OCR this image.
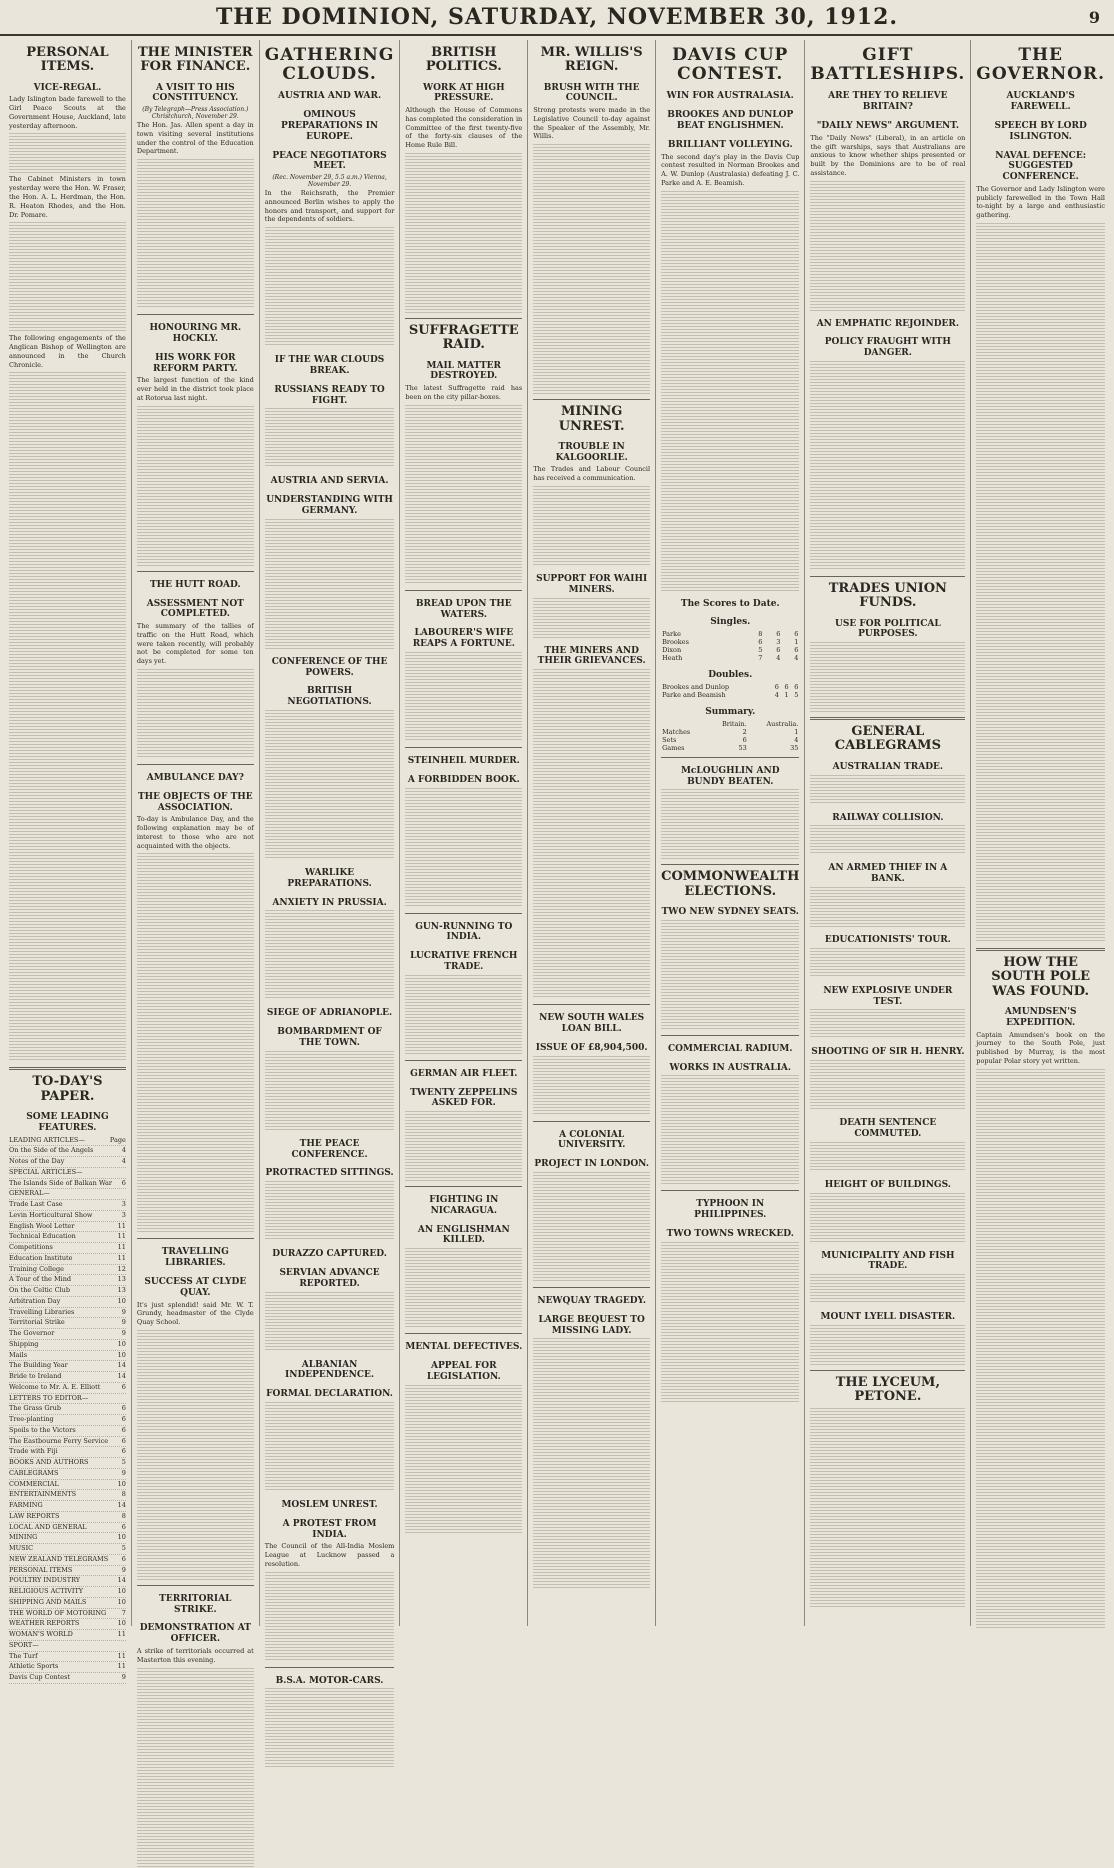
THE DOMINION, SATURDAY, NOVEMBER 30, 1912.	9
PERSONAL ITEMS.
VICE-REGAL.

Lady Islington bade farewell to the Girl Peace Scouts at the Government House, Auckland, late yesterday afternoon.

The Cabinet Ministers in town yesterday were the Hon. W. Fraser, the Hon. A. L. Herdman, the Hon. R. Heaton Rhodes, and the Hon. Dr. Pomare.

The following engagements of the Anglican Bishop of Wellington are announced in the Church Chronicle.

TO-DAY'S PAPER.
SOME LEADING FEATURES.
LEADING ARTICLES—	Page
On the Side of the Angels	4
Notes of the Day	4
SPECIAL ARTICLES—
The Islands Side of Balkan War 6
GENERAL—
Trade Last Case	3
Levin Horticultural Show	3
English Wool Letter	11
Technical Education	11
Competitions	11
Education Institute	11
Training College	12
A Tour of the Mind	13
On the Celtic Club	13
Arbitration Day	10
Travelling Libraries	9
Territorial Strike	9
The Governor	9
Shipping	10
Mails	10
The Building Year	14
Bride to Ireland	14
Welcome to Mr. A. E. Elliott	6
LETTERS TO EDITOR—
The Grass Grub	6
Tree-planting	6
Spoils to the Victors	6
The Eastbourne Ferry Service 6
Trade with Fiji	6
BOOKS AND AUTHORS	5
CABLEGRAMS	9
COMMERCIAL	10
ENTERTAINMENTS	8
FARMING	14
LAW REPORTS	8
LOCAL AND GENERAL	6
MINING	10
MUSIC	5
NEW ZEALAND TELEGRAMS 6
PERSONAL ITEMS	9
POULTRY INDUSTRY	14
RELIGIOUS ACTIVITY	10
SHIPPING AND MAILS	10
THE WORLD OF MOTORING 7
WEATHER REPORTS	10
WOMAN'S WORLD	11
SPORT—
The Turf	11
Athletic Sports	11
Davis Cup Contest	9
THE MINISTER FOR FINANCE.
A VISIT TO HIS CONSTITUENCY.
(By Telegraph—Press Association.) Christchurch, November 29.

The Hon. Jas. Allen spent a day in town visiting several institutions under the control of the Education Department.

HONOURING MR. HOCKLY.
HIS WORK FOR REFORM PARTY.

The largest function of the kind ever held in the district took place at Rotorua last night.

THE HUTT ROAD.
ASSESSMENT NOT COMPLETED.

The summary of the tallies of traffic on the Hutt Road, which were taken recently, will probably not be completed for some ten days yet.

AMBULANCE DAY?
THE OBJECTS OF THE ASSOCIATION.

To-day is Ambulance Day, and the following explanation may be of interest to those who are not acquainted with the objects.

TRAVELLING LIBRARIES.
SUCCESS AT CLYDE QUAY.

It's just splendid! said Mr. W. T. Grundy, headmaster of the Clyde Quay School.

TERRITORIAL STRIKE.
DEMONSTRATION AT OFFICER.

A strike of territorials occurred at Masterton this evening.

GATHERING CLOUDS.
AUSTRIA AND WAR.
OMINOUS PREPARATIONS IN EUROPE.
PEACE NEGOTIATORS MEET.
(Rec. November 29, 5.5 a.m.) Vienna, November 29.

In the Reichsrath, the Premier announced Berlin wishes to apply the honors and transport, and support for the dependents of soldiers.

IF THE WAR CLOUDS BREAK.
RUSSIANS READY TO FIGHT.
AUSTRIA AND SERVIA.
UNDERSTANDING WITH GERMANY.
CONFERENCE OF THE POWERS.
BRITISH NEGOTIATIONS.
WARLIKE PREPARATIONS.
ANXIETY IN PRUSSIA.
SIEGE OF ADRIANOPLE.
BOMBARDMENT OF THE TOWN.
THE PEACE CONFERENCE.
PROTRACTED SITTINGS.
DURAZZO CAPTURED.
SERVIAN ADVANCE REPORTED.
ALBANIAN INDEPENDENCE.
FORMAL DECLARATION.
MOSLEM UNREST.
A PROTEST FROM INDIA.

The Council of the All-India Moslem League at Lucknow passed a resolution.

B.S.A. MOTOR-CARS.
BRITISH POLITICS.
WORK AT HIGH PRESSURE.

Although the House of Commons has completed the consideration in Committee of the first twenty-five of the forty-six clauses of the Home Rule Bill.

SUFFRAGETTE RAID.
MAIL MATTER DESTROYED.

The latest Suffragette raid has been on the city pillar-boxes.

BREAD UPON THE WATERS.
LABOURER'S WIFE REAPS A FORTUNE.
STEINHEIL MURDER.
A FORBIDDEN BOOK.
GUN-RUNNING TO INDIA.
LUCRATIVE FRENCH TRADE.
GERMAN AIR FLEET.
TWENTY ZEPPELINS ASKED FOR.
FIGHTING IN NICARAGUA.
AN ENGLISHMAN KILLED.
MENTAL DEFECTIVES.
APPEAL FOR LEGISLATION.
MR. WILLIS'S REIGN.
BRUSH WITH THE COUNCIL.

Strong protests were made in the Legislative Council to-day against the Speaker of the Assembly, Mr. Willis.

MINING UNREST.
TROUBLE IN KALGOORLIE.

The Trades and Labour Council has received a communication.

SUPPORT FOR WAIHI MINERS.
THE MINERS AND THEIR GRIEVANCES.
NEW SOUTH WALES LOAN BILL.
ISSUE OF £8,904,500.
A COLONIAL UNIVERSITY.
PROJECT IN LONDON.
NEWQUAY TRAGEDY.
LARGE BEQUEST TO MISSING LADY.
DAVIS CUP CONTEST.
WIN FOR AUSTRALASIA.
BROOKES AND DUNLOP BEAT ENGLISHMEN.
BRILLIANT VOLLEYING.

The second day's play in the Davis Cup contest resulted in Norman Brookes and A. W. Dunlop (Australasia) defeating J. C. Parke and A. E. Beamish.

The Scores to Date.
Singles.
Parke	8	6	6
Brookes	6	3	1
Dixon	5	6	6
Heath	7	4	4
Doubles.
Brookes and Dunlop	6	6	6
Parke and Beamish	4	1	5
Summary.
	Britain.	Australia.
Matches	2	1
Sets	6	4
Games	53	35
McLOUGHLIN AND BUNDY BEATEN.
COMMONWEALTH ELECTIONS.
TWO NEW SYDNEY SEATS.
COMMERCIAL RADIUM.
WORKS IN AUSTRALIA.
TYPHOON IN PHILIPPINES.
TWO TOWNS WRECKED.
GIFT BATTLESHIPS.
ARE THEY TO RELIEVE BRITAIN?
"DAILY NEWS" ARGUMENT.

The "Daily News" (Liberal), in an article on the gift warships, says that Australians are anxious to know whether ships presented or built by the Dominions are to be of real assistance.

AN EMPHATIC REJOINDER.
POLICY FRAUGHT WITH DANGER.
TRADES UNION FUNDS.
USE FOR POLITICAL PURPOSES.
GENERAL CABLEGRAMS
AUSTRALIAN TRADE.
RAILWAY COLLISION.
AN ARMED THIEF IN A BANK.
EDUCATIONISTS' TOUR.
NEW EXPLOSIVE UNDER TEST.
SHOOTING OF SIR H. HENRY.
DEATH SENTENCE COMMUTED.
HEIGHT OF BUILDINGS.
MUNICIPALITY AND FISH TRADE.
MOUNT LYELL DISASTER.
THE LYCEUM, PETONE.
THE GOVERNOR.
AUCKLAND'S FAREWELL.
SPEECH BY LORD ISLINGTON.
NAVAL DEFENCE: SUGGESTED CONFERENCE.

The Governor and Lady Islington were publicly farewelled in the Town Hall to-night by a large and enthusiastic gathering.

HOW THE SOUTH POLE WAS FOUND.
AMUNDSEN'S EXPEDITION.

Captain Amundsen's book on the journey to the South Pole, just published by Murray, is the most popular Polar story yet written.
